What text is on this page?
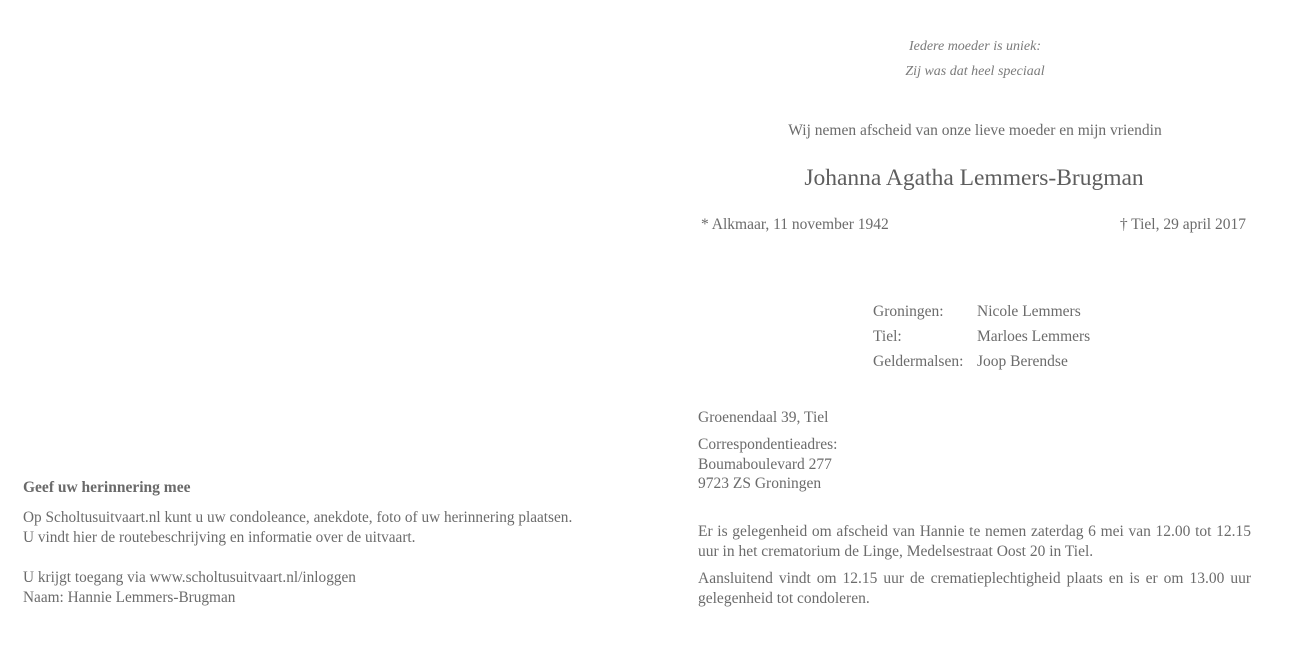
Geef uw herinnering mee
Op Scholtusuitvaart.nl kunt u uw condoleance, anekdote, foto of uw herinnering plaatsen.
U vindt hier de routebeschrijving en informatie over de uitvaart.
U krijgt toegang via www.scholtusuitvaart.nl/inloggen
Naam: Hannie Lemmers-Brugman
Iedere moeder is uniek:
Zij was dat heel speciaal
Wij nemen afscheid van onze lieve moeder en mijn vriendin
Johanna Agatha Lemmers-Brugman
* Alkmaar, 11 november 1942	† Tiel, 29 april 2017
Groningen:	Nicole Lemmers
Tiel:	Marloes Lemmers
Geldermalsen: Joop Berendse
Groenendaal 39, Tiel
Correspondentieadres:
Boumaboulevard 277
9723 ZS Groningen
Er is gelegenheid om afscheid van Hannie te nemen zaterdag 6 mei van 12.00 tot 12.15
uur in het crematorium de Linge, Medelsestraat Oost 20 in Tiel.
Aansluitend vindt om 12.15 uur de crematieplechtigheid plaats en is er om 13.00 uur
gelegenheid tot condoleren.
